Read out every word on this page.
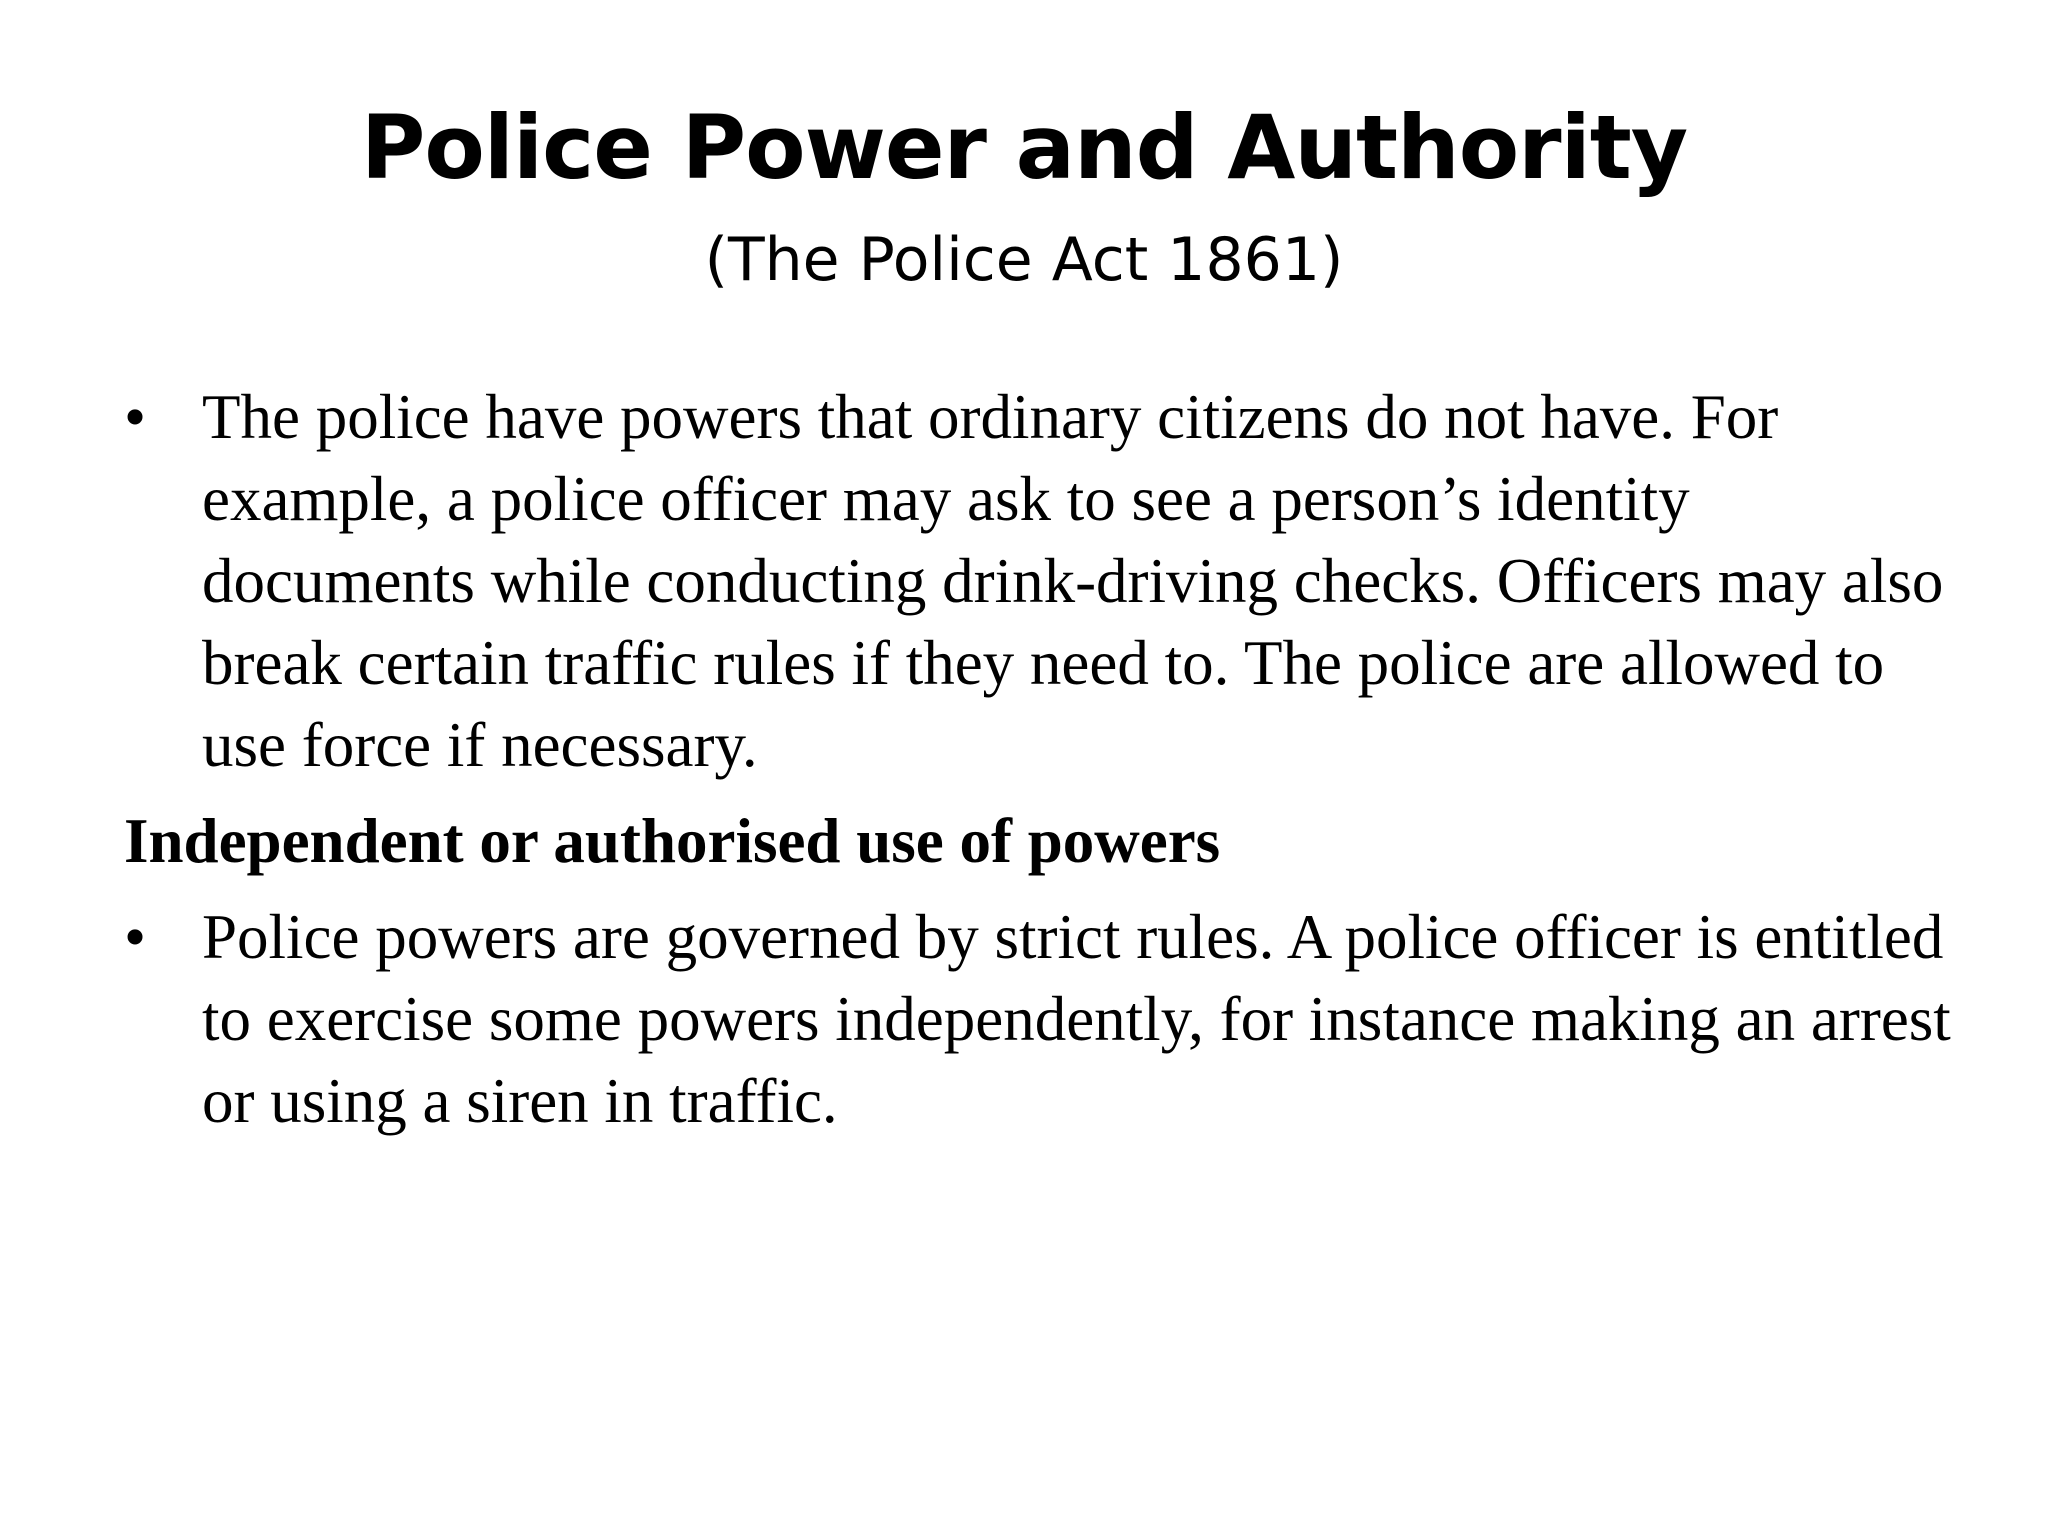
Police Power and Authority
(The Police Act 1861)
• The police have powers that ordinary citizens do not have. For example, a police officer may ask to see a person’s identity documents while conducting drink-driving checks. Officers may also break certain traffic rules if they need to. The police are allowed to use force if necessary.
Independent or authorised use of powers
• Police powers are governed by strict rules. A police officer is entitled to exercise some powers independently, for instance making an arrest or using a siren in traffic.
